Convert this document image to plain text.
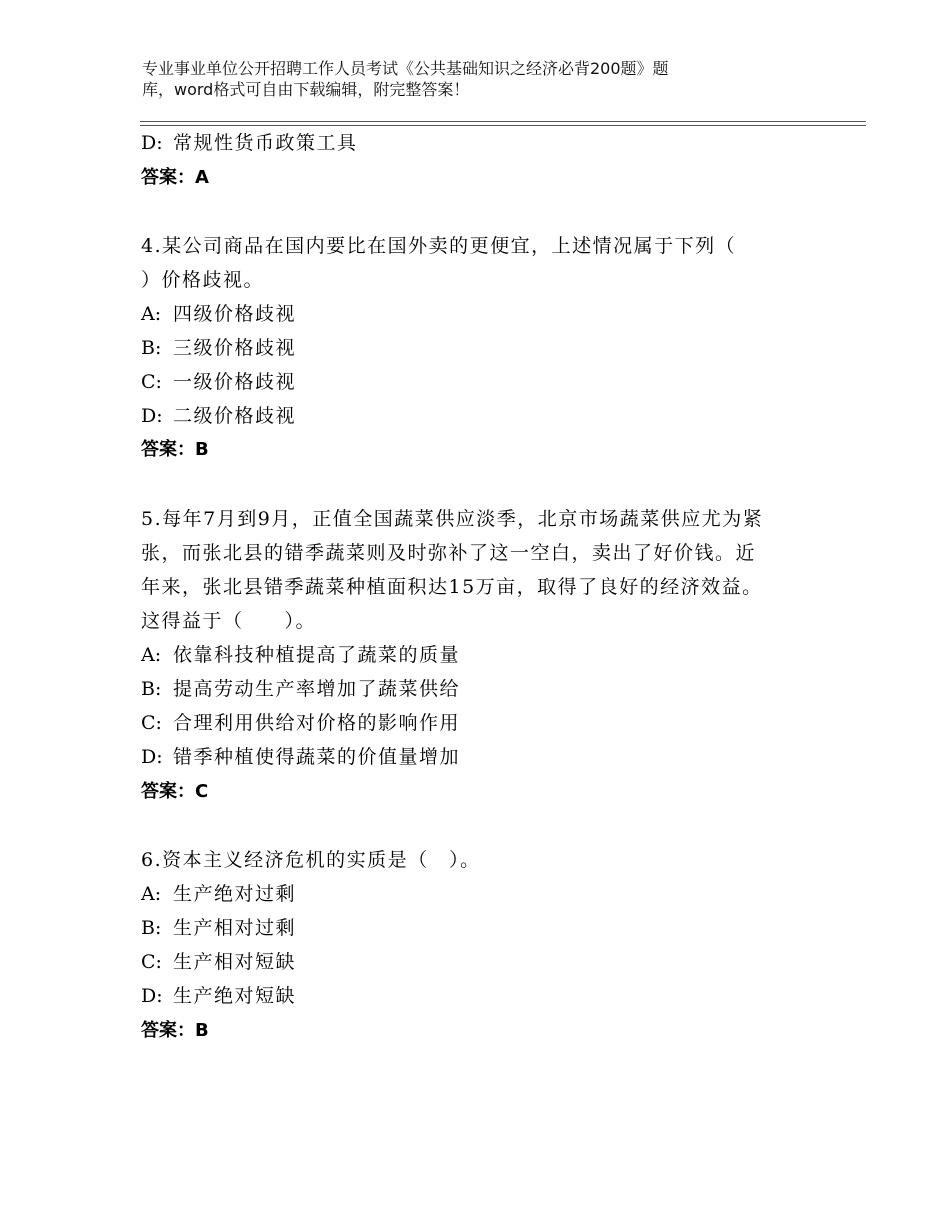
专业事业单位公开招聘工作人员考试《公共基础知识之经济必背200题》题
库，word格式可自由下载编辑，附完整答案！
D: 常规性货币政策工具
答案：A
4.某公司商品在国内要比在国外卖的更便宜，上述情况属于下列（
）价格歧视。
A: 四级价格歧视
B: 三级价格歧视
C: 一级价格歧视
D: 二级价格歧视
答案：B
5.每年7月到9月，正值全国蔬菜供应淡季，北京市场蔬菜供应尤为紧
张，而张北县的错季蔬菜则及时弥补了这一空白，卖出了好价钱。近
年来，张北县错季蔬菜种植面积达15万亩，取得了良好的经济效益。
这得益于（　　）。
A: 依靠科技种植提高了蔬菜的质量
B: 提高劳动生产率增加了蔬菜供给
C: 合理利用供给对价格的影响作用
D: 错季种植使得蔬菜的价值量增加
答案：C
6.资本主义经济危机的实质是（　）。
A: 生产绝对过剩
B: 生产相对过剩
C: 生产相对短缺
D: 生产绝对短缺
答案：B
